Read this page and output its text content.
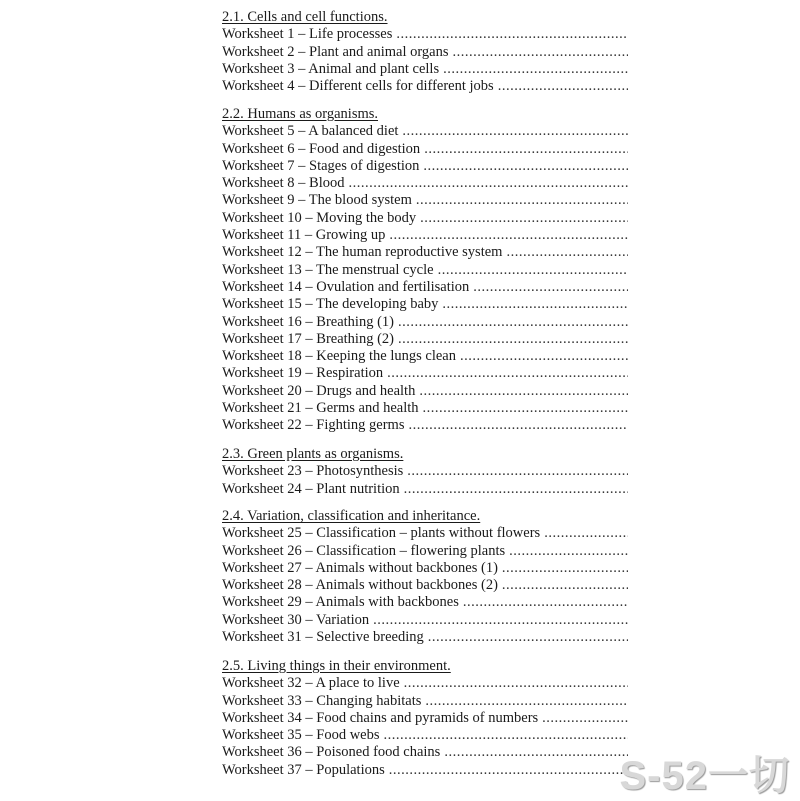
2.1. Cells and cell functions.
Worksheet 1 – Life processes
.....
Worksheet 2 – Plant and animal organs
.....
Worksheet 3 – Animal and plant cells
.....
Worksheet 4 – Different cells for different jobs
.....
2.2. Humans as organisms.
Worksheet 5 – A balanced diet
.....
Worksheet 6 – Food and digestion
.....
Worksheet 7 – Stages of digestion
.....
Worksheet 8 – Blood
.....
Worksheet 9 – The blood system
.....
Worksheet 10 – Moving the body
.....
Worksheet 11 – Growing up
.....
Worksheet 12 – The human reproductive system
.....
Worksheet 13 – The menstrual cycle
.....
Worksheet 14 – Ovulation and fertilisation
.....
Worksheet 15 – The developing baby
.....
Worksheet 16 – Breathing (1)
.....
Worksheet 17 – Breathing (2)
.....
Worksheet 18 – Keeping the lungs clean
.....
Worksheet 19 – Respiration
.....
Worksheet 20 – Drugs and health
.....
Worksheet 21 – Germs and health
.....
Worksheet 22 – Fighting germs
.....
2.3. Green plants as organisms.
Worksheet 23 – Photosynthesis
.....
Worksheet 24 – Plant nutrition
.....
2.4. Variation, classification and inheritance.
Worksheet 25 – Classification – plants without flowers
.....
Worksheet 26 – Classification – flowering plants
.....
Worksheet 27 – Animals without backbones (1)
.....
Worksheet 28 – Animals without backbones (2)
.....
Worksheet 29 – Animals with backbones
.....
Worksheet 30 – Variation
.....
Worksheet 31 – Selective breeding
.....
2.5. Living things in their environment.
Worksheet 32 – A place to live
.....
Worksheet 33 – Changing habitats
.....
Worksheet 34 – Food chains and pyramids of numbers
.....
Worksheet 35 – Food webs
.....
Worksheet 36 – Poisoned food chains
.....
Worksheet 37 – Populations .....	S-52一切
